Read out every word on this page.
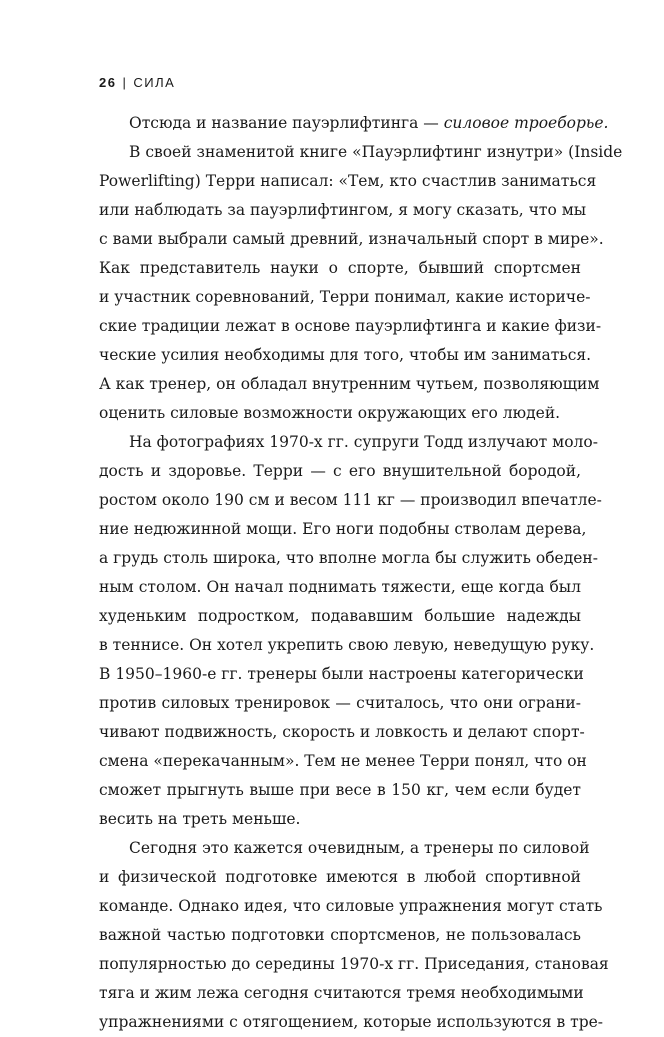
26 | СИЛА
Отсюда и название пауэрлифтинга — силовое троеборье.
В своей знаменитой книге «Пауэрлифтинг изнутри» (Inside
Powerlifting) Терри написал: «Тем, кто счастлив заниматься
или наблюдать за пауэрлифтингом, я могу сказать, что мы
с вами выбрали самый древний, изначальный спорт в мире».
Как представитель науки о спорте, бывший спортсмен
и участник соревнований, Терри понимал, какие историче-
ские традиции лежат в основе пауэрлифтинга и какие физи-
ческие усилия необходимы для того, чтобы им заниматься.
А как тренер, он обладал внутренним чутьем, позволяющим
оценить силовые возможности окружающих его людей.
На фотографиях 1970-х гг. супруги Тодд излучают моло-
дость и здоровье. Терри — с его внушительной бородой,
ростом около 190 см и весом 111 кг — производил впечатле-
ние недюжинной мощи. Его ноги подобны стволам дерева,
а грудь столь широка, что вполне могла бы служить обеден-
ным столом. Он начал поднимать тяжести, еще когда был
худеньким подростком, подававшим большие надежды
в теннисе. Он хотел укрепить свою левую, неведущую руку.
В 1950–1960-е гг. тренеры были настроены категорически
против силовых тренировок — считалось, что они ограни-
чивают подвижность, скорость и ловкость и делают спорт-
смена «перекачанным». Тем не менее Терри понял, что он
сможет прыгнуть выше при весе в 150 кг, чем если будет
весить на треть меньше.
Сегодня это кажется очевидным, а тренеры по силовой
и физической подготовке имеются в любой спортивной
команде. Однако идея, что силовые упражнения могут стать
важной частью подготовки спортсменов, не пользовалась
популярностью до середины 1970-х гг. Приседания, становая
тяга и жим лежа сегодня считаются тремя необходимыми
упражнениями с отягощением, которые используются в тре-
